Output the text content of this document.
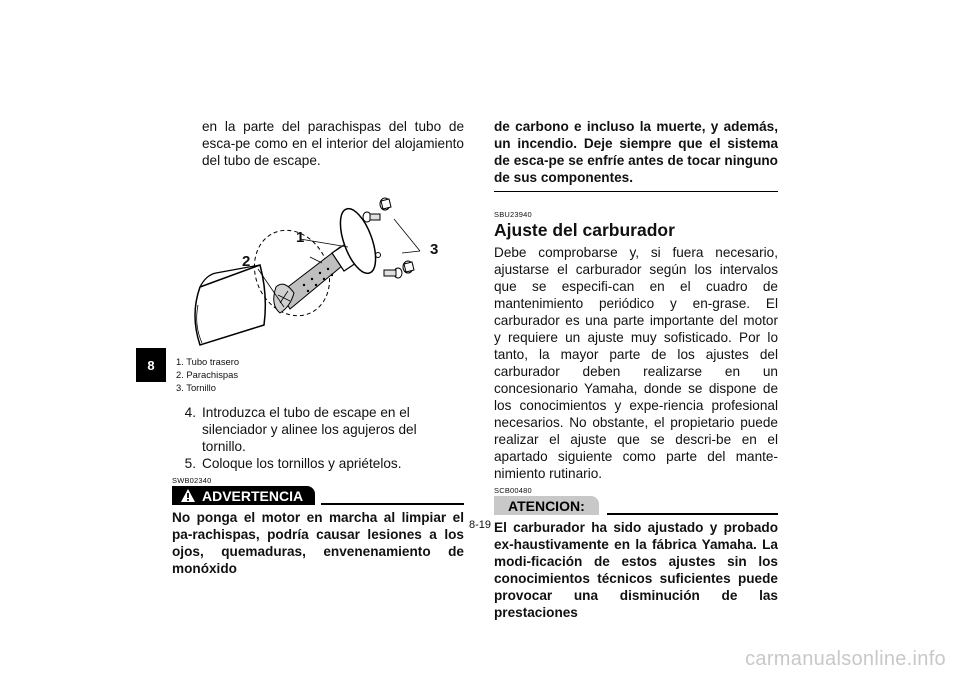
8

en la parte del parachispas del tubo de esca-pe como en el interior del alojamiento del tubo de escape.

1
2
3
1. Tubo trasero
2. Parachispas
3. Tornillo
4. Introduzca el tubo de escape en el silenciador y alinee los agujeros del tornillo.
5. Coloque los tornillos y apriételos.
SWB02340
ADVERTENCIA

No ponga el motor en marcha al limpiar el pa-rachispas, podría causar lesiones a los ojos, quemaduras, envenenamiento de monóxido

de carbono e incluso la muerte, y además, un incendio. Deje siempre que el sistema de esca-pe se enfríe antes de tocar ninguno de sus componentes.

SBU23940
Ajuste del carburador

Debe comprobarse y, si fuera necesario, ajustarse el carburador según los intervalos que se especifi-can en el cuadro de mantenimiento periódico y en-grase. El carburador es una parte importante del motor y requiere un ajuste muy sofisticado. Por lo tanto, la mayor parte de los ajustes del carburador deben realizarse en un concesionario Yamaha, donde se dispone de los conocimientos y expe-riencia profesional necesarios. No obstante, el propietario puede realizar el ajuste que se descri-be en el apartado siguiente como parte del mante-nimiento rutinario.

SCB00480
ATENCION:

El carburador ha sido ajustado y probado ex-haustivamente en la fábrica Yamaha. La modi-ficación de estos ajustes sin los conocimientos técnicos suficientes puede provocar una disminución de las prestaciones

8-19
carmanualsonline.info
